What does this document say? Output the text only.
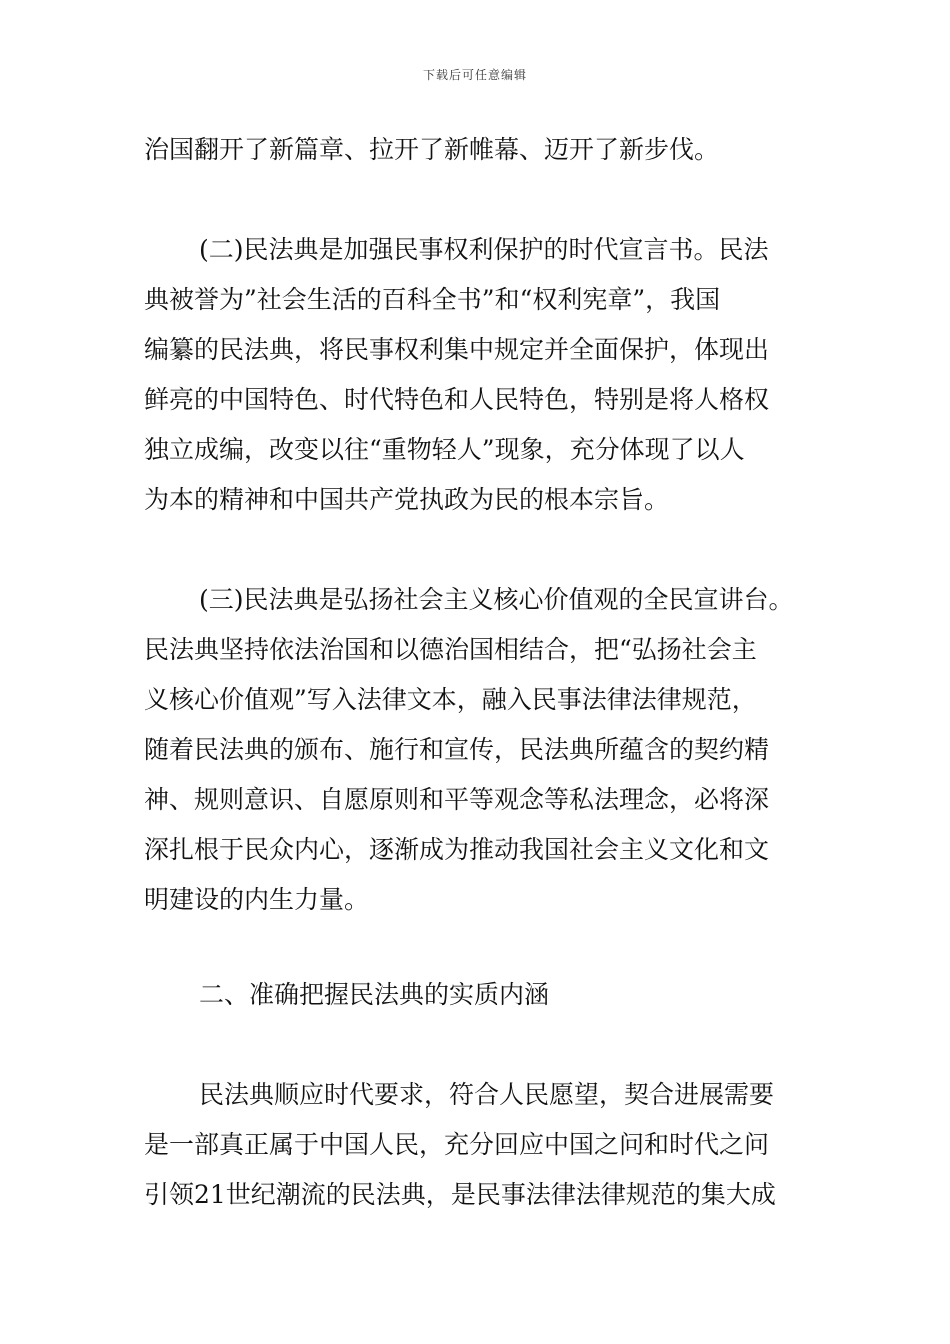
下载后可任意编辑
治国翻开了新篇章、拉开了新帷幕、迈开了新步伐。
(二)民法典是加强民事权利保护的时代宣言书。民法
典被誉为”社会生活的百科全书”和“权利宪章”，我国
编纂的民法典，将民事权利集中规定并全面保护，体现出
鲜亮的中国特色、时代特色和人民特色，特别是将人格权
独立成编，改变以往“重物轻人”现象，充分体现了以人
为本的精神和中国共产党执政为民的根本宗旨。
(三)民法典是弘扬社会主义核心价值观的全民宣讲台。
民法典坚持依法治国和以德治国相结合，把“弘扬社会主
义核心价值观”写入法律文本，融入民事法律法律规范，
随着民法典的颁布、施行和宣传，民法典所蕴含的契约精
神、规则意识、自愿原则和平等观念等私法理念，必将深
深扎根于民众内心，逐渐成为推动我国社会主义文化和文
明建设的内生力量。
二、准确把握民法典的实质内涵
民法典顺应时代要求，符合人民愿望，契合进展需要
是一部真正属于中国人民，充分回应中国之问和时代之问
引领21世纪潮流的民法典，是民事法律法律规范的集大成
